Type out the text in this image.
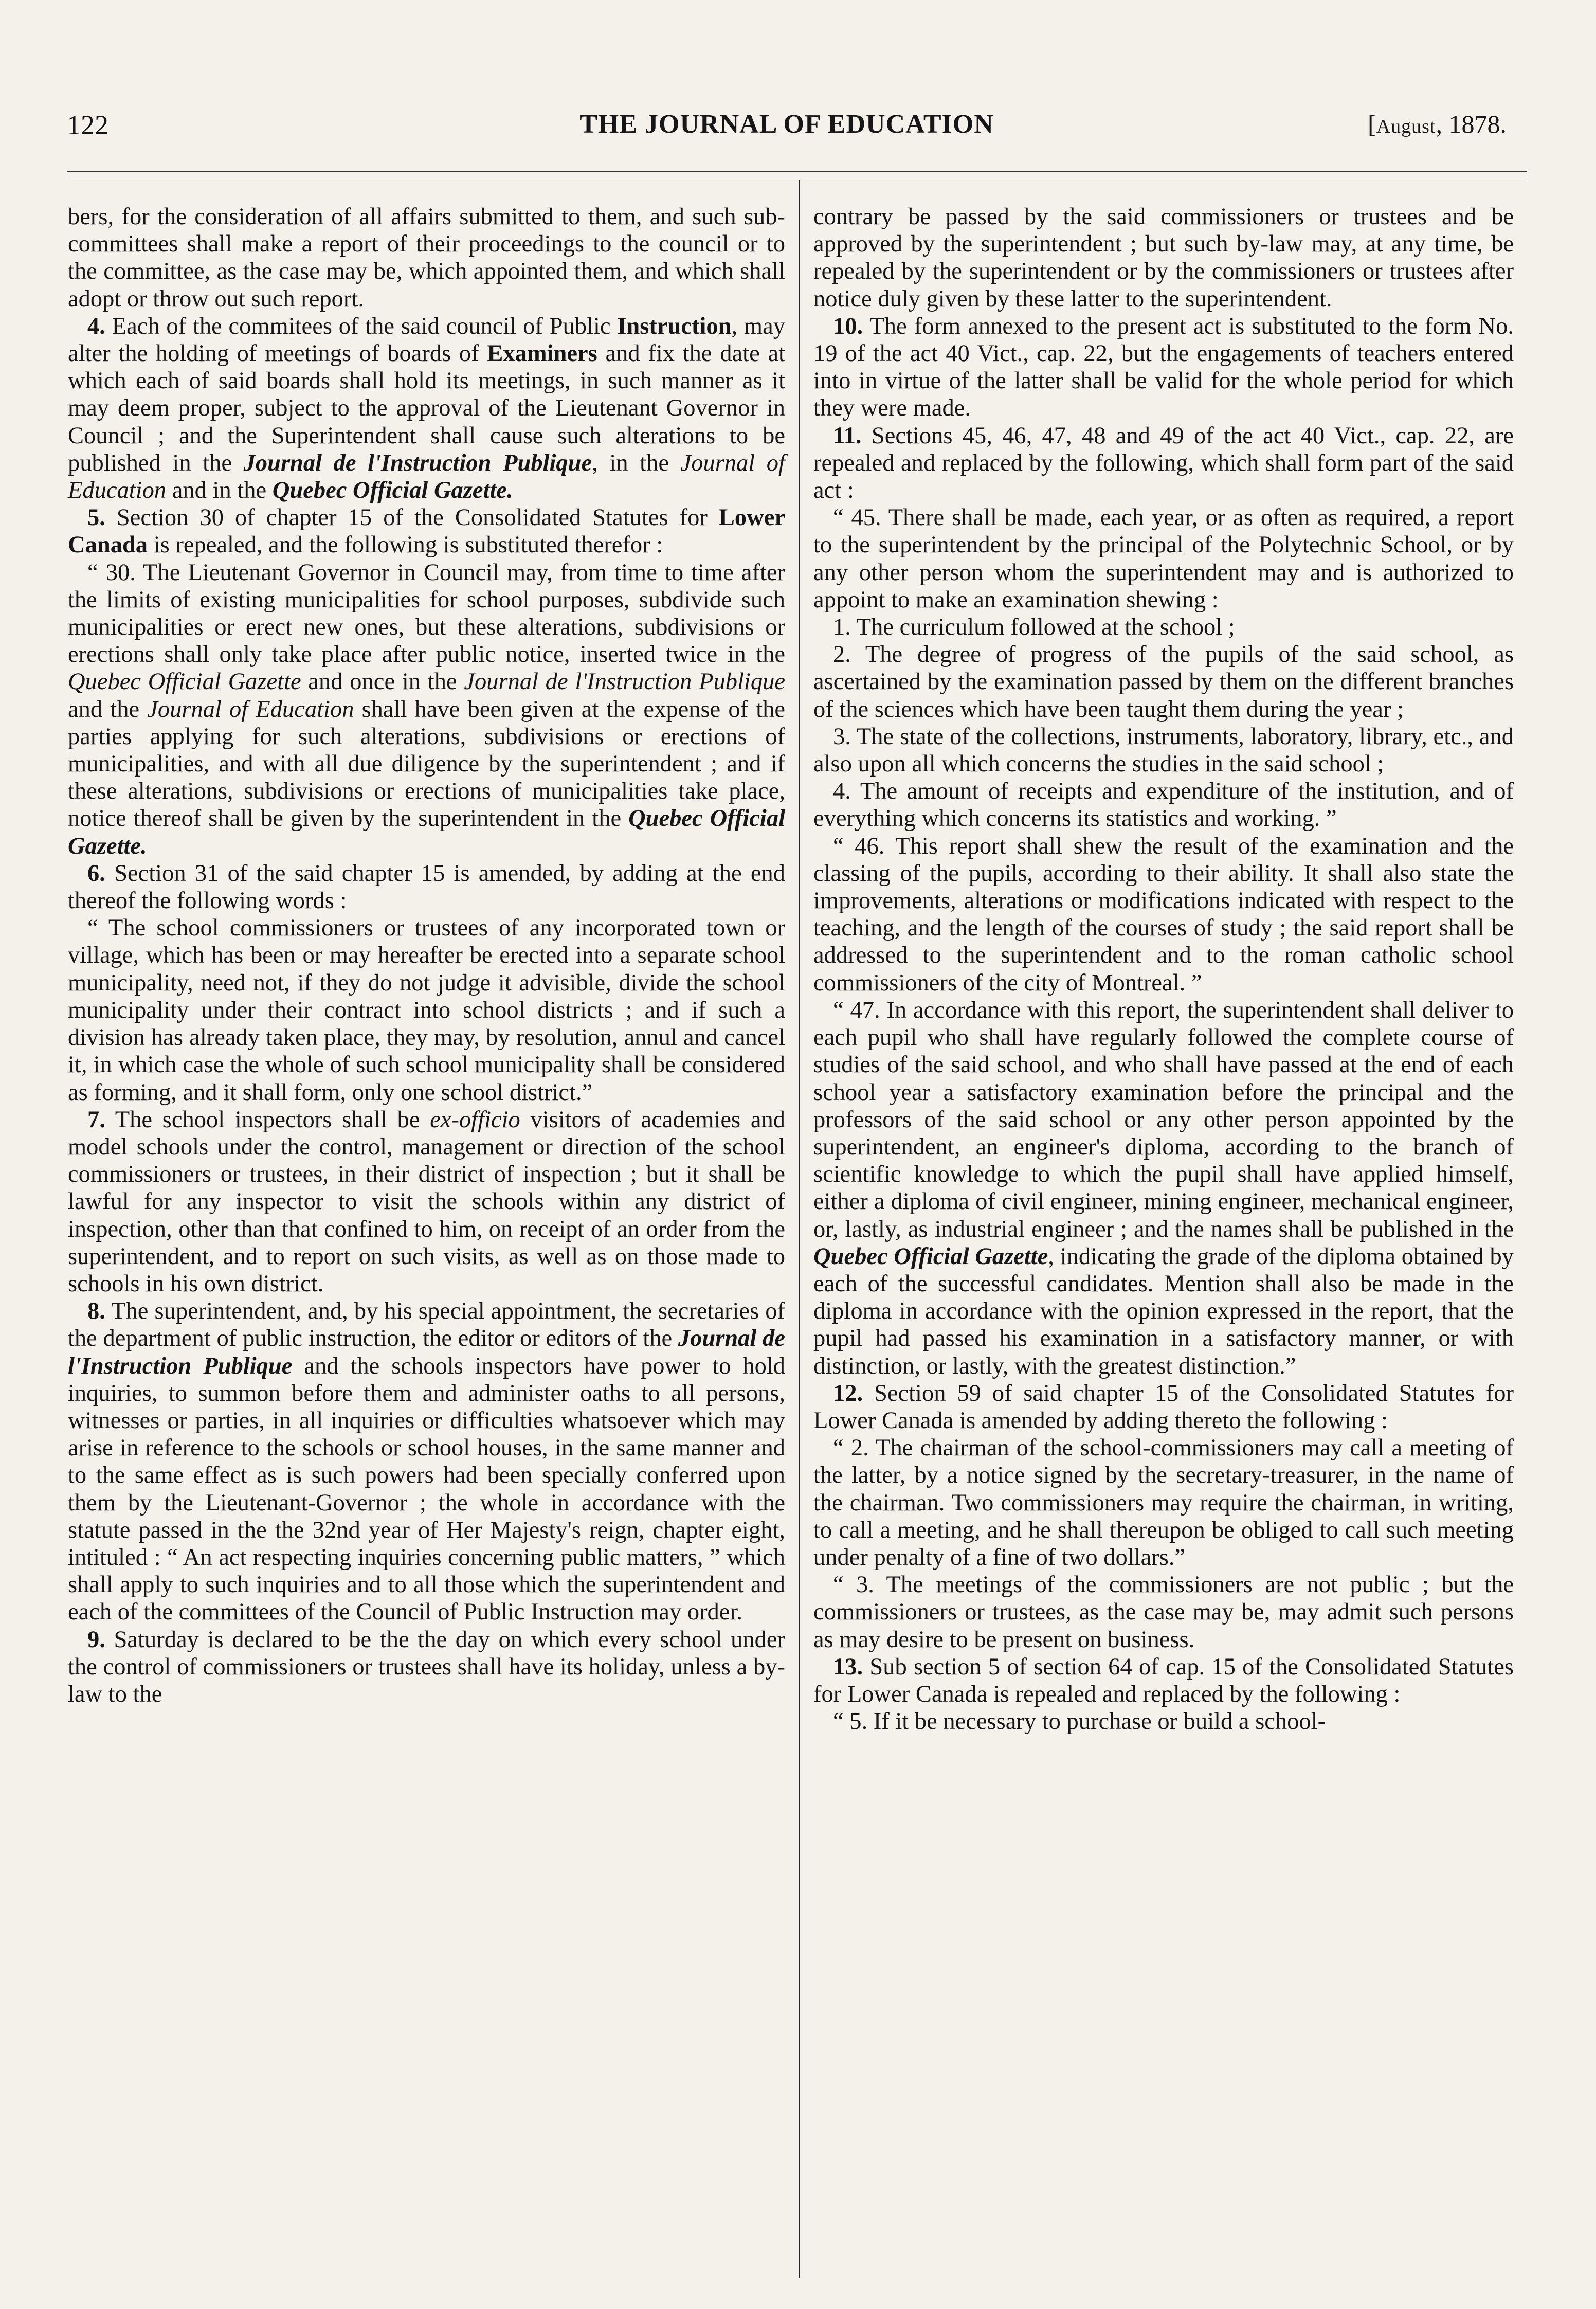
122	THE JOURNAL OF EDUCATION	[August, 1878.

bers, for the consideration of all affairs submitted to them, and such sub-committees shall make a report of their proceedings to the council or to the committee, as the case may be, which appointed them, and which shall adopt or throw out such report.

4. Each of the commitees of the said council of Public Instruction, may alter the holding of meetings of boards of Examiners and fix the date at which each of said boards shall hold its meetings, in such manner as it may deem proper, subject to the approval of the Lieutenant Governor in Council ; and the Superintendent shall cause such alterations to be published in the Journal de l'Instruction Publique, in the Journal of Education and in the Quebec Official Gazette.

5. Section 30 of chapter 15 of the Consolidated Statutes for Lower Canada is repealed, and the following is substituted therefor :

“ 30. The Lieutenant Governor in Council may, from time to time after the limits of existing municipalities for school purposes, subdivide such municipalities or erect new ones, but these alterations, subdivisions or erections shall only take place after public notice, inserted twice in the Quebec Official Gazette and once in the Journal de l'Instruction Publique and the Journal of Education shall have been given at the expense of the parties applying for such alterations, subdivisions or erections of municipalities, and with all due diligence by the superintendent ; and if these alterations, subdivisions or erections of municipalities take place, notice thereof shall be given by the superintendent in the Quebec Official Gazette.

6. Section 31 of the said chapter 15 is amended, by adding at the end thereof the following words :

“ The school commissioners or trustees of any incorporated town or village, which has been or may hereafter be erected into a separate school municipality, need not, if they do not judge it advisible, divide the school municipality under their contract into school districts ; and if such a division has already taken place, they may, by resolution, annul and cancel it, in which case the whole of such school municipality shall be considered as forming, and it shall form, only one school district.”

7. The school inspectors shall be ex-officio visitors of academies and model schools under the control, management or direction of the school commissioners or trustees, in their district of inspection ; but it shall be lawful for any inspector to visit the schools within any district of inspection, other than that confined to him, on receipt of an order from the superintendent, and to report on such visits, as well as on those made to schools in his own district.

8. The superintendent, and, by his special appointment, the secretaries of the department of public instruction, the editor or editors of the Journal de l'Instruction Publique and the schools inspectors have power to hold inquiries, to summon before them and administer oaths to all persons, witnesses or parties, in all inquiries or difficulties whatsoever which may arise in reference to the schools or school houses, in the same manner and to the same effect as is such powers had been specially conferred upon them by the Lieutenant-Governor ; the whole in accordance with the statute passed in the the 32nd year of Her Majesty's reign, chapter eight, intituled : “ An act respecting inquiries concerning public matters, ” which shall apply to such inquiries and to all those which the superintendent and each of the committees of the Council of Public Instruction may order.

9. Saturday is declared to be the the day on which every school under the control of commissioners or trustees shall have its holiday, unless a by-law to the

contrary be passed by the said commissioners or trustees and be approved by the superintendent ; but such by-law may, at any time, be repealed by the superintendent or by the commissioners or trustees after notice duly given by these latter to the superintendent.

10. The form annexed to the present act is substituted to the form No. 19 of the act 40 Vict., cap. 22, but the engagements of teachers entered into in virtue of the latter shall be valid for the whole period for which they were made.

11. Sections 45, 46, 47, 48 and 49 of the act 40 Vict., cap. 22, are repealed and replaced by the following, which shall form part of the said act :

“ 45. There shall be made, each year, or as often as required, a report to the superintendent by the principal of the Polytechnic School, or by any other person whom the superintendent may and is authorized to appoint to make an examination shewing :

1. The curriculum followed at the school ;

2. The degree of progress of the pupils of the said school, as ascertained by the examination passed by them on the different branches of the sciences which have been taught them during the year ;

3. The state of the collections, instruments, laboratory, library, etc., and also upon all which concerns the studies in the said school ;

4. The amount of receipts and expenditure of the institution, and of everything which concerns its statistics and working. ”

“ 46. This report shall shew the result of the examination and the classing of the pupils, according to their ability. It shall also state the improvements, alterations or modifications indicated with respect to the teaching, and the length of the courses of study ; the said report shall be addressed to the superintendent and to the roman catholic school commissioners of the city of Montreal. ”

“ 47. In accordance with this report, the superintendent shall deliver to each pupil who shall have regularly followed the complete course of studies of the said school, and who shall have passed at the end of each school year a satisfactory examination before the principal and the professors of the said school or any other person appointed by the superintendent, an engineer's diploma, according to the branch of scientific knowledge to which the pupil shall have applied himself, either a diploma of civil engineer, mining engineer, mechanical engineer, or, lastly, as industrial engineer ; and the names shall be published in the Quebec Official Gazette, indicating the grade of the diploma obtained by each of the successful candidates. Mention shall also be made in the diploma in accordance with the opinion expressed in the report, that the pupil had passed his examination in a satisfactory manner, or with distinction, or lastly, with the greatest distinction.”

12. Section 59 of said chapter 15 of the Consolidated Statutes for Lower Canada is amended by adding thereto the following :

“ 2. The chairman of the school-commissioners may call a meeting of the latter, by a notice signed by the secretary-treasurer, in the name of the chairman. Two commissioners may require the chairman, in writing, to call a meeting, and he shall thereupon be obliged to call such meeting under penalty of a fine of two dollars.”

“ 3. The meetings of the commissioners are not public ; but the commissioners or trustees, as the case may be, may admit such persons as may desire to be present on business.

13. Sub section 5 of section 64 of cap. 15 of the Consolidated Statutes for Lower Canada is repealed and replaced by the following :

“ 5. If it be necessary to purchase or build a school-
